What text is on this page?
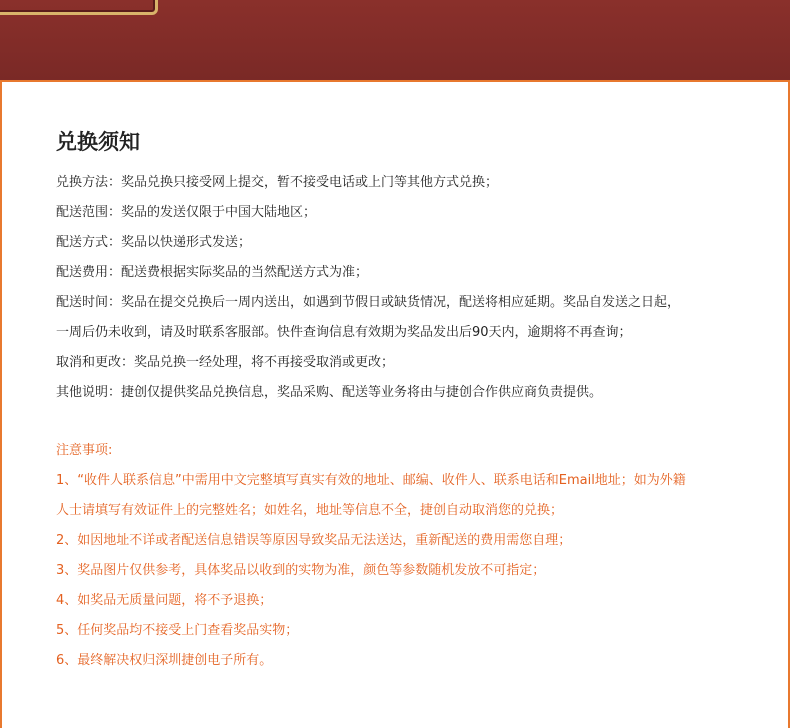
兑换须知
兑换方法：奖品兑换只接受网上提交，暂不接受电话或上门等其他方式兑换；
配送范围：奖品的发送仅限于中国大陆地区；
配送方式：奖品以快递形式发送；
配送费用：配送费根据实际奖品的当然配送方式为准；
配送时间：奖品在提交兑换后一周内送出，如遇到节假日或缺货情况，配送将相应延期。奖品自发送之日起，
一周后仍未收到，请及时联系客服部。快件查询信息有效期为奖品发出后90天内，逾期将不再查询；
取消和更改：奖品兑换一经处理，将不再接受取消或更改；
其他说明：捷创仅提供奖品兑换信息，奖品采购、配送等业务将由与捷创合作供应商负责提供。
注意事项:
1、“收件人联系信息”中需用中文完整填写真实有效的地址、邮编、收件人、联系电话和Email地址；如为外籍
人士请填写有效证件上的完整姓名；如姓名，地址等信息不全，捷创自动取消您的兑换；
2、如因地址不详或者配送信息错误等原因导致奖品无法送达，重新配送的费用需您自理；
3、奖品图片仅供参考，具体奖品以收到的实物为准，颜色等参数随机发放不可指定；
4、如奖品无质量问题，将不予退换；
5、任何奖品均不接受上门查看奖品实物；
6、最终解决权归深圳捷创电子所有。
